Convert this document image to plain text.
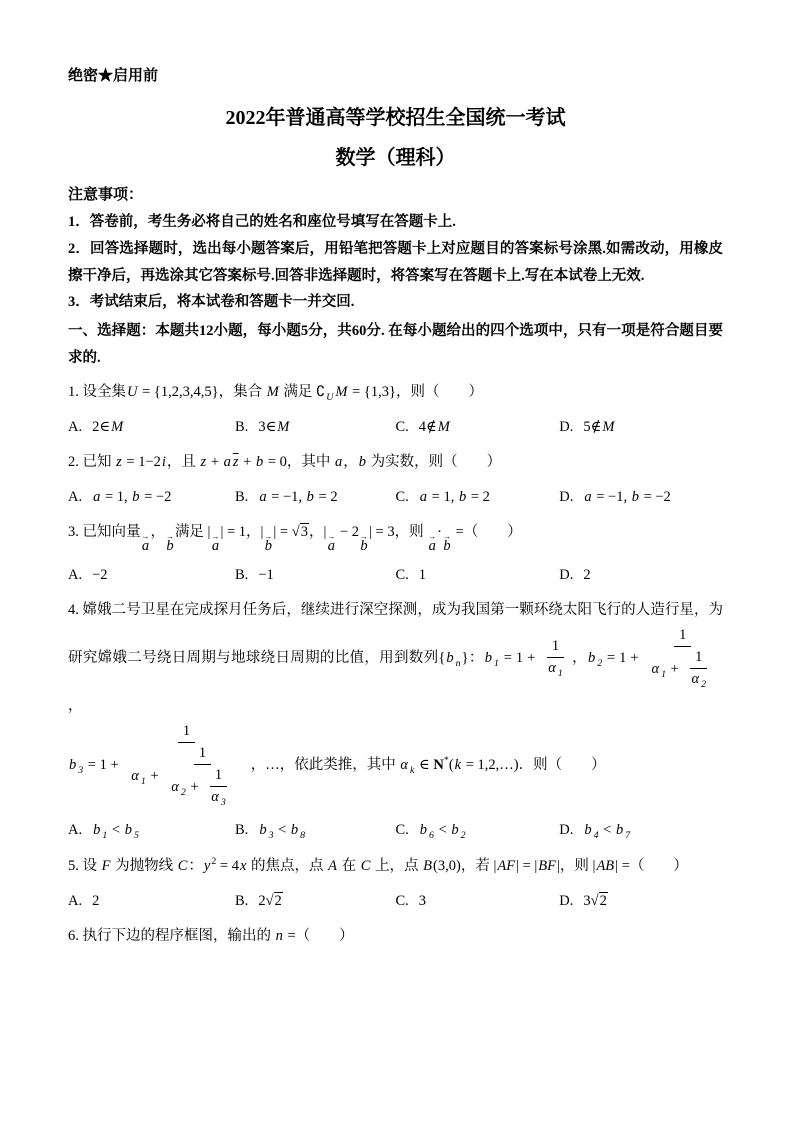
绝密★启用前
2022年普通高等学校招生全国统一考试
数学（理科）
注意事项：
1．答卷前，考生务必将自己的姓名和座位号填写在答题卡上.
2．回答选择题时，选出每小题答案后，用铅笔把答题卡上对应题目的答案标号涂黑.如需改动，用橡皮擦干净后，再选涂其它答案标号.回答非选择题时，将答案写在答题卡上.写在本试卷上无效.
3．考试结束后，将本试卷和答题卡一并交回.
一、选择题：本题共12小题，每小题5分，共60分. 在每小题给出的四个选项中，只有一项是符合题目要求的.
1. 设全集U = {1,2,3,4,5}，集合 M 满足 $∁_U$ M = {1,3}，则（　　）
A. 2∈M	B. 3∈M	C. 4∉M	D. 5∉M
2. 已知 z = 1−2i，且 z + a $\overline{z} + b = 0$，其中 a，b 为实数，则（　　）
A. a = 1, b = −2	B. a = −1, b = 2	C. a = 1, b = 2	D. a = −1, b = −2
3. 已知向量 →
a
， →
b
满足 | →
a
| = 1，| →
b
| = √3，| →
a
− 2 →
b
| = 3，则 →
a
· →
b
=（　　）
A. −2	B. −1	C. 1	D. 2
4. 嫦娥二号卫星在完成探月任务后，继续进行深空探测，成为我国第一颗环绕太阳飞行的人造行星，为研究嫦娥二号绕日周期与地球绕日周期的比值，用到数列{b $_n$}：b $_1 = 1 + \frac{1}{\alpha _1}$ ，b $_2 = 1 + \frac{1}{\alpha _1 + \frac{1}{\alpha _2}}$
，
b $_3 = 1 + \frac{1}{\alpha _1 + \frac{1}{\alpha _2 + \frac{1}{\alpha _3}}}$ ，…，依此类推，其中 α $_k$ ∈ N*(k = 1,2,…)．则（　　）
A. b $_1$ < b $_5$	B. b $_3$ < b $_8$	C. b $_6$ < b $_2$	D. b $_4$ < b $_7$
5. 设 F 为抛物线 C：$y^2 = 4x$ 的焦点，点 A 在 C 上，点 B(3,0)，若 |AF| = |BF|，则 |AB| =（　　）
A. 2	B. 2√2	C. 3	D. 3√2
6. 执行下边的程序框图，输出的 n =（　　）
